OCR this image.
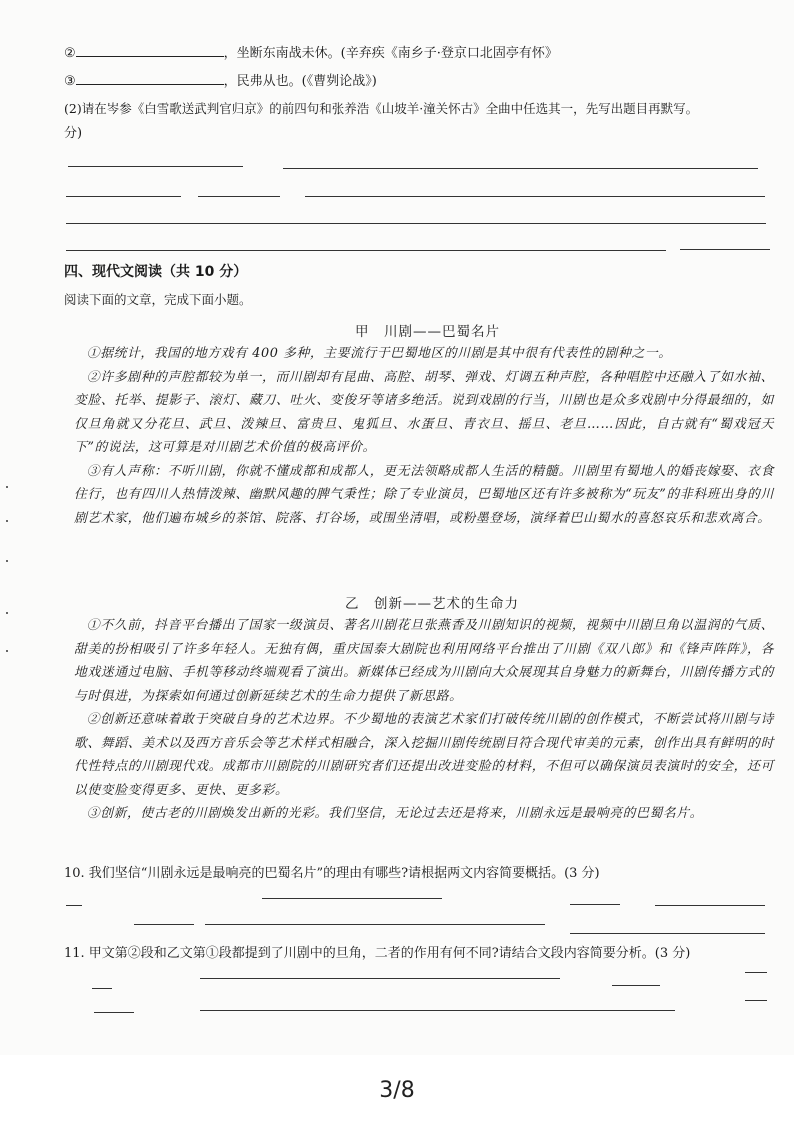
②	，坐断东南战未休。(辛弃疾《南乡子·登京口北固亭有怀》
③	，民弗从也。(《曹刿论战》)
(2)请在岑参《白雪歌送武判官归京》的前四句和张养浩《山坡羊·潼关怀古》全曲中任选其一，先写出题目再默写。
分)
四、现代文阅读（共 10 分）
阅读下面的文章，完成下面小题。
甲　川剧——巴蜀名片

①据统计，我国的地方戏有 400 多种，主要流行于巴蜀地区的川剧是其中很有代表性的剧种之一。

②许多剧种的声腔都较为单一，而川剧却有昆曲、高腔、胡琴、弹戏、灯调五种声腔，各种唱腔中还融入了如水袖、变脸、托举、提影子、滚灯、藏刀、吐火、变俊牙等诸多绝活。说到戏剧的行当，川剧也是众多戏剧中分得最细的，如仅旦角就又分花旦、武旦、泼辣旦、富贵旦、鬼狐旦、水蛋旦、青衣旦、摇旦、老旦……因此，自古就有“蜀戏冠天下”的说法，这可算是对川剧艺术价值的极高评价。

③有人声称：不听川剧，你就不懂成都和成都人，更无法领略成都人生活的精髓。川剧里有蜀地人的婚丧嫁娶、衣食住行，也有四川人热情泼辣、幽默风趣的脾气秉性；除了专业演员，巴蜀地区还有许多被称为“玩友”的非科班出身的川剧艺术家，他们遍布城乡的茶馆、院落、打谷场，或围坐清唱，或粉墨登场，演绎着巴山蜀水的喜怒哀乐和悲欢离合。

乙　创新——艺术的生命力

①不久前，抖音平台播出了国家一级演员、著名川剧花旦张燕香及川剧知识的视频，视频中川剧旦角以温润的气质、甜美的扮相吸引了许多年轻人。无独有偶，重庆国泰大剧院也利用网络平台推出了川剧《双八郎》和《锋声阵阵》，各地戏迷通过电脑、手机等移动终端观看了演出。新媒体已经成为川剧向大众展现其自身魅力的新舞台，川剧传播方式的与时俱进，为探索如何通过创新延续艺术的生命力提供了新思路。

②创新还意味着敢于突破自身的艺术边界。不少蜀地的表演艺术家们打破传统川剧的创作模式，不断尝试将川剧与诗歌、舞蹈、美术以及西方音乐会等艺术样式相融合，深入挖掘川剧传统剧目符合现代审美的元素，创作出具有鲜明的时代性特点的川剧现代戏。成都市川剧院的川剧研究者们还提出改进变脸的材料，不但可以确保演员表演时的安全，还可以使变脸变得更多、更快、更多彩。

③创新，使古老的川剧焕发出新的光彩。我们坚信，无论过去还是将来，川剧永远是最响亮的巴蜀名片。

10. 我们坚信“川剧永远是最响亮的巴蜀名片”的理由有哪些?请根据两文内容简要概括。(3 分)
11. 甲文第②段和乙文第①段都提到了川剧中的旦角，二者的作用有何不同?请结合文段内容简要分析。(3 分)
3/8
